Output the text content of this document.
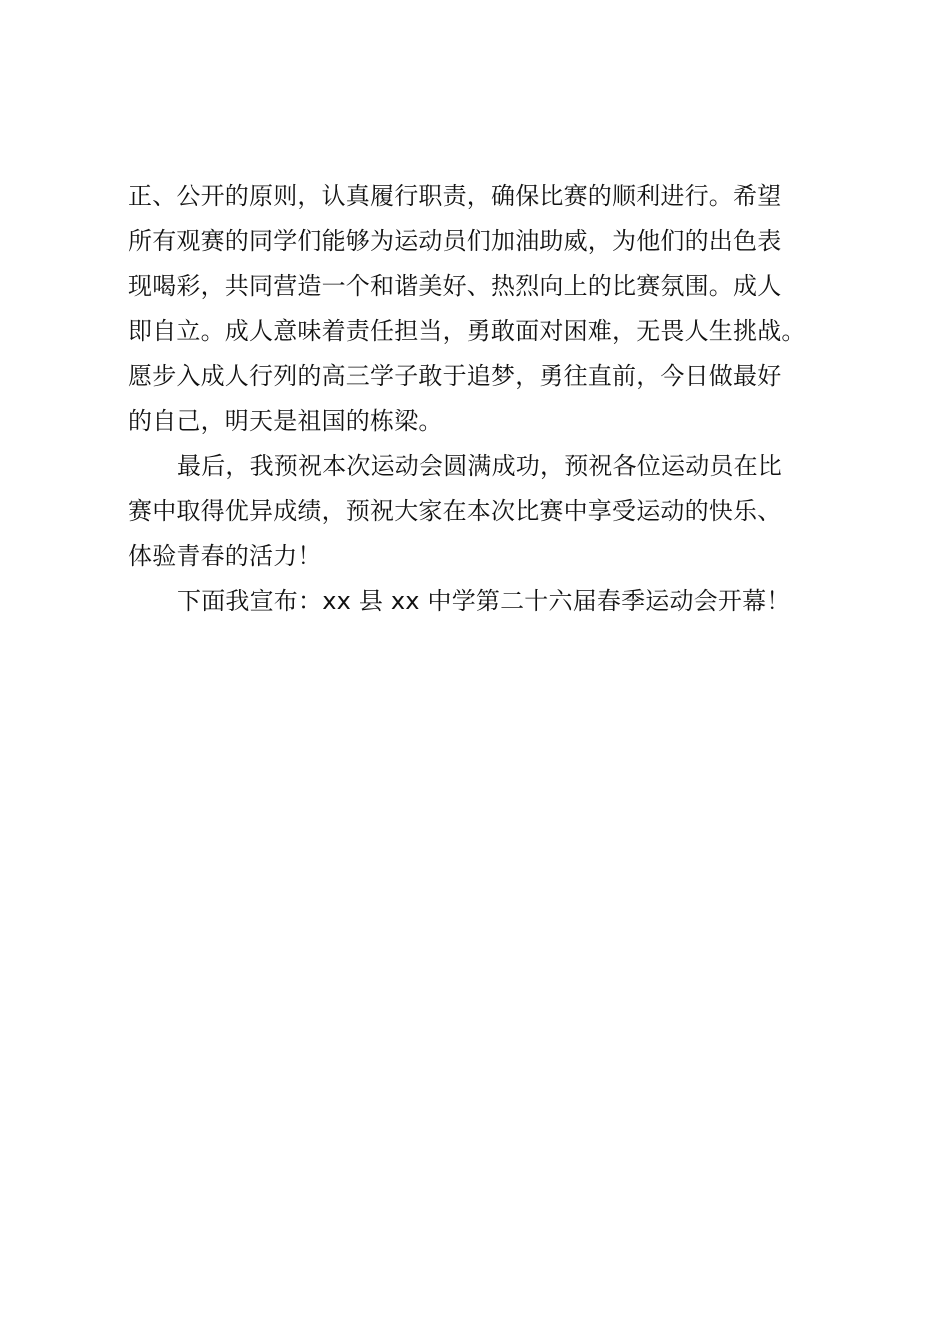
正、公开的原则，认真履行职责，确保比赛的顺利进行。希望
所有观赛的同学们能够为运动员们加油助威，为他们的出色表
现喝彩，共同营造一个和谐美好、热烈向上的比赛氛围。成人
即自立。成人意味着责任担当，勇敢面对困难，无畏人生挑战。
愿步入成人行列的高三学子敢于追梦，勇往直前，今日做最好
的自己，明天是祖国的栋梁。
最后，我预祝本次运动会圆满成功，预祝各位运动员在比
赛中取得优异成绩，预祝大家在本次比赛中享受运动的快乐、
体验青春的活力！
下面我宣布：xx 县 xx 中学第二十六届春季运动会开幕！
